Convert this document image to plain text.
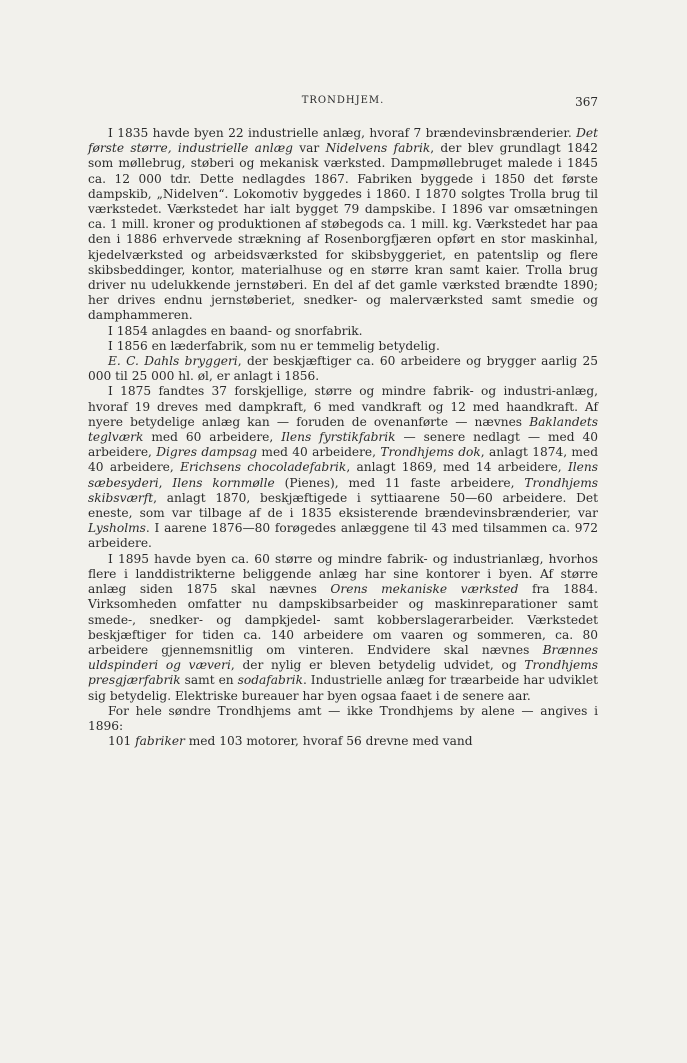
TRONDHJEM.	367

I 1835 havde byen 22 industrielle anlæg, hvoraf 7 brændevinsbrænderier. Det første større, industrielle anlæg var Nidelvens fabrik, der blev grundlagt 1842 som møllebrug, støberi og mekanisk værksted. Dampmøllebruget malede i 1845 ca. 12 000 tdr. Dette nedlagdes 1867. Fabriken byggede i 1850 det første dampskib, „Nidelven“. Lokomotiv byggedes i 1860. I 1870 solgtes Trolla brug til værkstedet. Værkstedet har ialt bygget 79 dampskibe. I 1896 var omsætningen ca. 1 mill. kroner og produktionen af støbegods ca. 1 mill. kg. Værkstedet har paa den i 1886 erhvervede strækning af Rosenborgfjæren opført en stor maskinhal, kjedelværksted og arbeidsværksted for skibsbyggeriet, en patentslip og flere skibsbeddinger, kontor, materialhuse og en større kran samt kaier. Trolla brug driver nu udelukkende jernstøberi. En del af det gamle værksted brændte 1890; her drives endnu jernstøberiet, snedker- og malerværksted samt smedie og damphammeren.

I 1854 anlagdes en baand- og snorfabrik.

I 1856 en læderfabrik, som nu er temmelig betydelig.

E. C. Dahls bryggeri, der beskjæftiger ca. 60 arbeidere og brygger aarlig 25 000 til 25 000 hl. øl, er anlagt i 1856.

I 1875 fandtes 37 forskjellige, større og mindre fabrik- og industri-anlæg, hvoraf 19 dreves med dampkraft, 6 med vandkraft og 12 med haandkraft. Af nyere betydelige anlæg kan — foruden de ovenanførte — nævnes Baklandets teglværk med 60 arbeidere, Ilens fyrstikfabrik — senere nedlagt — med 40 arbeidere, Digres dampsag med 40 arbeidere, Trondhjems dok, anlagt 1874, med 40 arbeidere, Erichsens chocoladefabrik, anlagt 1869, med 14 arbeidere, Ilens sæbesyderi, Ilens kornmølle (Pienes), med 11 faste arbeidere, Trondhjems skibsværft, anlagt 1870, beskjæftigede i syttiaarene 50—60 arbeidere. Det eneste, som var tilbage af de i 1835 eksisterende brændevinsbrænderier, var Lysholms. I aarene 1876—80 forøgedes anlæggene til 43 med tilsammen ca. 972 arbeidere.

I 1895 havde byen ca. 60 større og mindre fabrik- og industrianlæg, hvorhos flere i landdistrikterne beliggende anlæg har sine kontorer i byen. Af større anlæg siden 1875 skal nævnes Orens mekaniske værksted fra 1884. Virksomheden omfatter nu dampskibsarbeider og maskinreparationer samt smede-, snedker- og dampkjedel- samt kobberslagerarbeider. Værkstedet beskjæftiger for tiden ca. 140 arbeidere om vaaren og sommeren, ca. 80 arbeidere gjennemsnitlig om vinteren. Endvidere skal nævnes Brænnes uldspinderi og væveri, der nylig er bleven betydelig udvidet, og Trondhjems presgjærfabrik samt en sodafabrik. Industrielle anlæg for træarbeide har udviklet sig betydelig. Elektriske bureauer har byen ogsaa faaet i de senere aar.

For hele søndre Trondhjems amt — ikke Trondhjems by alene — angives i 1896:

101 fabriker med 103 motorer, hvoraf 56 drevne med vand
